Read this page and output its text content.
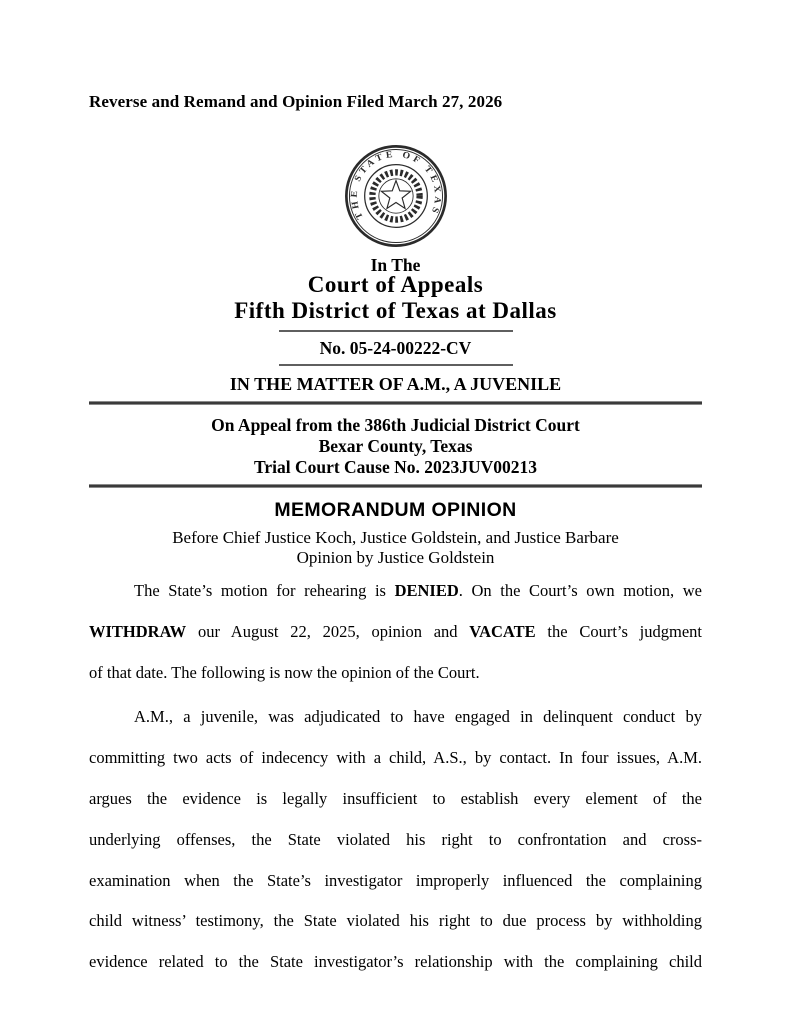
Reverse and Remand and Opinion Filed March 27, 2026
THE STATE OF TEXAS
In The
Court of Appeals
Fifth District of Texas at Dallas
No. 05-24-00222-CV
IN THE MATTER OF A.M., A JUVENILE
On Appeal from the 386th Judicial District Court
Bexar County, Texas
Trial Court Cause No. 2023JUV00213
MEMORANDUM OPINION
Before Chief Justice Koch, Justice Goldstein, and Justice Barbare
Opinion by Justice Goldstein
The State’s motion for rehearing is DENIED. On the Court’s own motion, we
WITHDRAW our August 22, 2025, opinion and VACATE the Court’s judgment
of that date. The following is now the opinion of the Court.
A.M., a juvenile, was adjudicated to have engaged in delinquent conduct by
committing two acts of indecency with a child, A.S., by contact. In four issues, A.M.
argues the evidence is legally insufficient to establish every element of the
underlying offenses, the State violated his right to confrontation and cross-
examination when the State’s investigator improperly influenced the complaining
child witness’ testimony, the State violated his right to due process by withholding
evidence related to the State investigator’s relationship with the complaining child
